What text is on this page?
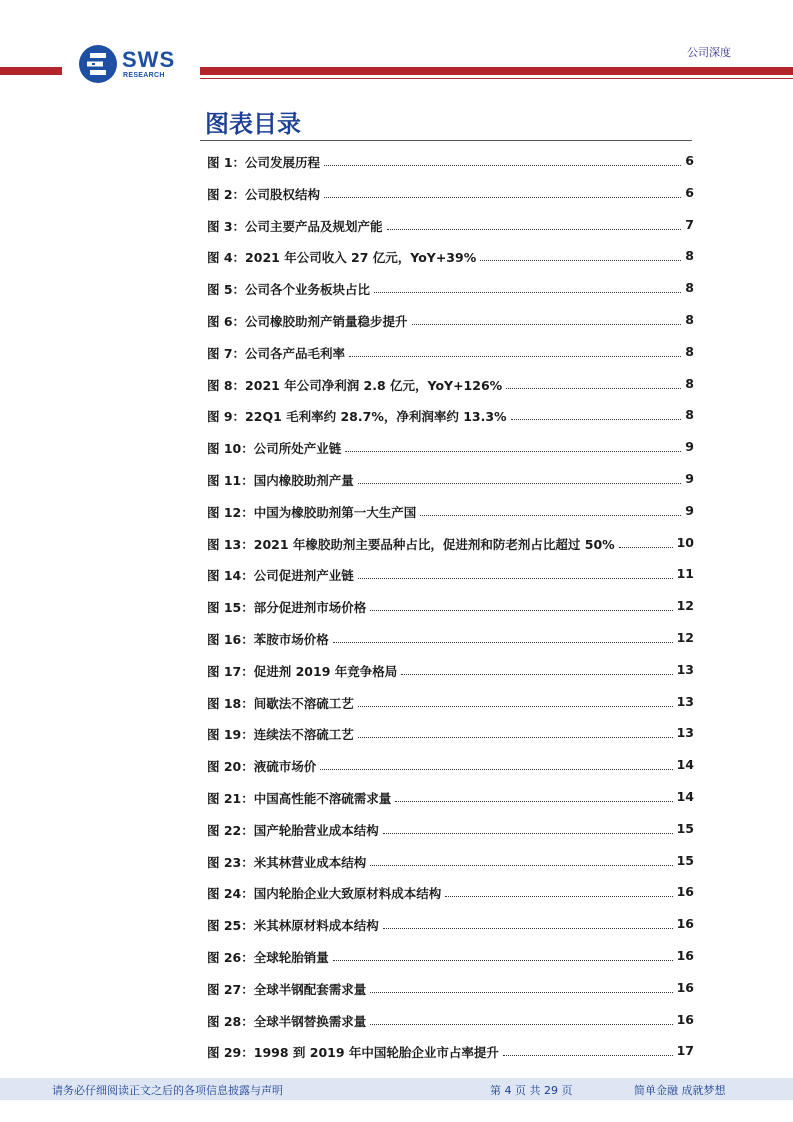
SWS
RESEARCH
公司深度
图表目录
图 1：公司发展历程	6
图 2：公司股权结构	6
图 3：公司主要产品及规划产能	7
图 4：2021 年公司收入 27 亿元，YoY+39%	8
图 5：公司各个业务板块占比	8
图 6：公司橡胶助剂产销量稳步提升	8
图 7：公司各产品毛利率	8
图 8：2021 年公司净利润 2.8 亿元，YoY+126%	8
图 9：22Q1 毛利率约 28.7%，净利润率约 13.3%	8
图 10：公司所处产业链	9
图 11：国内橡胶助剂产量	9
图 12：中国为橡胶助剂第一大生产国	9
图 13：2021 年橡胶助剂主要品种占比，促进剂和防老剂占比超过 50%	10
图 14：公司促进剂产业链	11
图 15：部分促进剂市场价格	12
图 16：苯胺市场价格	12
图 17：促进剂 2019 年竞争格局	13
图 18：间歇法不溶硫工艺	13
图 19：连续法不溶硫工艺	13
图 20：液硫市场价	14
图 21：中国高性能不溶硫需求量	14
图 22：国产轮胎营业成本结构	15
图 23：米其林营业成本结构	15
图 24：国内轮胎企业大致原材料成本结构	16
图 25：米其林原材料成本结构	16
图 26：全球轮胎销量	16
图 27：全球半钢配套需求量	16
图 28：全球半钢替换需求量	16
图 29：1998 到 2019 年中国轮胎企业市占率提升	17
请务必仔细阅读正文之后的各项信息披露与声明	第 4 页 共 29 页	简单金融 成就梦想
